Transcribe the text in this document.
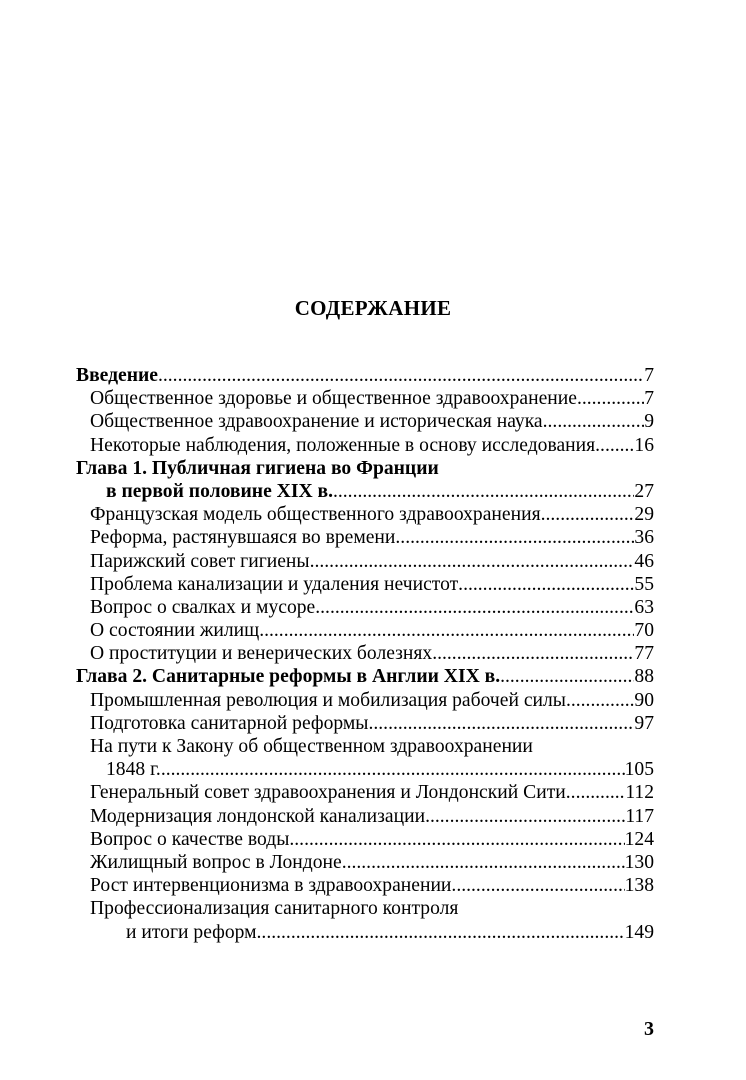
СОДЕРЖАНИЕ
Введение .....	7
Общественное здоровье и общественное здравоохранение .....	7
Общественное здравоохранение и историческая наука .....	9
Некоторые наблюдения, положенные в основу исследования ..... 16
Глава 1. Публичная гигиена во Франции
в первой половине XIX в. .....	27
Французская модель общественного здравоохранения .....	29
Реформа, растянувшаяся во времени .....	36
Парижский совет гигиены .....	46
Проблема канализации и удаления нечистот .....	55
Вопрос о свалках и мусоре .....	63
О состоянии жилищ .....	70
О проституции и венерических болезнях .....	77
Глава 2. Санитарные реформы в Англии XIX в. .....	88
Промышленная революция и мобилизация рабочей силы .....	90
Подготовка санитарной реформы .....	97
На пути к Закону об общественном здравоохранении
1848 г. .....	105
Генеральный совет здравоохранения и Лондонский Сити .....	112
Модернизация лондонской канализации .....	117
Вопрос о качестве воды .....	124
Жилищный вопрос в Лондоне .....	130
Рост интервенционизма в здравоохранении .....	138
Профессионализация санитарного контроля
и итоги реформ .....	149
3
